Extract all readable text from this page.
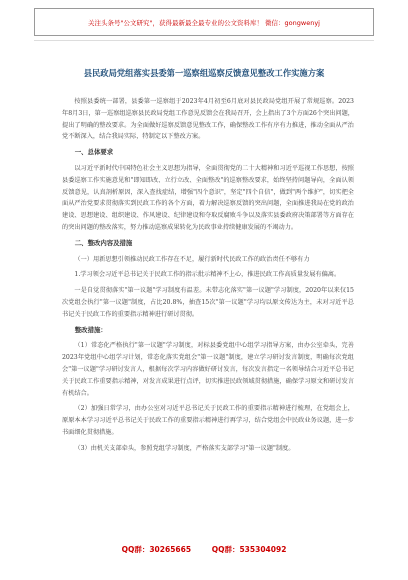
关注头条号"公文研究"，获得最新最全最专业的公文资料库！ 微信：gongwenyj
县民政局党组落实县委第一巡察组巡察反馈意见整改工作实施方案
按照县委统一部署，县委第一巡察组于2023年4月初至6月底对县民政局党组开展了常规巡察。2023年8月3日，第一巡察组巡察县民政局党组工作意见反馈会在我局召开，会上指出了3个方面26个突出问题，提出了明确的整改要求。为全面做好巡察反馈意见整改工作，确保整改工作有序有力推进，推动全面从严治党不断深入，结合我局实际，特制定以下整改方案。
一、总体要求
以习近平新时代中国特色社会主义思想为指导，全面贯彻党的二十大精神和习近平巡视工作思想，按照县委巡察工作实施意见和"即知即改、立行立改、全面整改"的巡察整改要求，始终坚持问题导向，全面认领反馈意见，认真剖析原因，深入查找症结，增强"四个意识"，坚定"四个自信"，做到"两个维护"，切实把全面从严治党要求贯彻落实到民政工作的各个方面，着力解决巡察反馈的突出问题，全面推进我局在党的政治建设、思想建设、组织建设、作风建设、纪律建设和夺取反腐败斗争以及落实县委政府决策部署等方面存在的突出问题的整改落实，努力推动巡察成果转化为民政事业持续健康发展的不竭动力。
二、整改内容及措施
（一）用新思想引领推动民政工作存在不足，履行新时代民政工作的政治责任不够有力
1.学习领会习近平总书记关于民政工作的指示批示精神不上心，推进民政工作高质量发展有偏离。
一是自觉贯彻落实"第一议题"学习制度有温差。未带志化落实"第一议题"学习制度，2020年以来仅15次党组会执行"第一议题"制度，占比20.8%，抽查15次"第一议题"学习均以原文传达为主，未对习近平总书记关于民政工作的重要指示精神进行研讨贯彻。
整改措施：
（1）常态化严格执行"第一议题"学习制度，对标县委党组中心组学习指导方案，由办公室牵头，完善2023年党组中心组学习计划，常态化落实党组会"第一议题"制度，建立学习研讨发言制度，明确每次党组会"第一议题"学习研讨发言人，根据每次学习内容做好研讨发言，每次发言指定一名领导结合习近平总书记关于民政工作重要指示精神，对发言成果进行点评，切实推进民政领域贯彻措施，确保学习原文和研讨发言有机结合。
（2）加强日常学习，由办公室对习近平总书记关于民政工作的重要指示精神进行梳理，在党组会上，原原本本学习习近平总书记关于民政工作的重要指示精神进行再学习，结合党组会中民政业务议题，进一步书面细化贯彻措施。
（3）由机关支部牵头，参照党组学习制度，严格落实支部学习"第一议题"制度。
QQ群：30265665	QQ群：535304092
